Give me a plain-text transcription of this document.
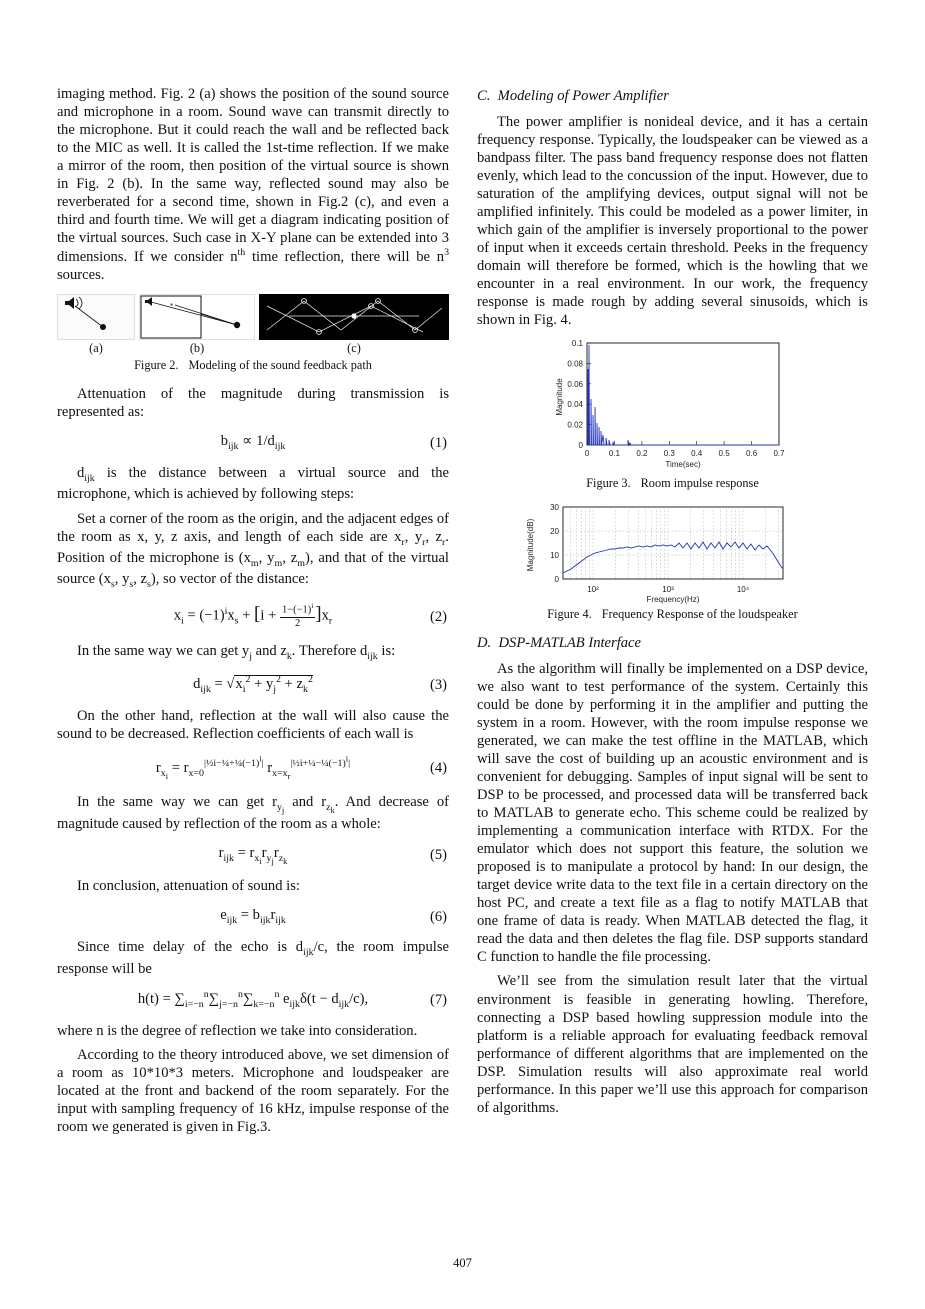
imaging method. Fig. 2 (a) shows the position of the sound source and microphone in a room. Sound wave can transmit directly to the microphone. But it could reach the wall and be reflected back to the MIC as well. It is called the 1st-time reflection. If we make a mirror of the room, then position of the virtual source is shown in Fig. 2 (b). In the same way, reflected sound may also be reverberated for a second time, shown in Fig.2 (c), and even a third and fourth time. We will get a diagram indicating position of the virtual sources. Such case in X-Y plane can be extended into 3 dimensions. If we consider $n^{th}$ time reflection, there will be $n^3$ sources.

*
(a)	(b)	(c)
Figure 2. Modeling of the sound feedback path

Attenuation of the magnitude during transmission is represented as:

$b_{ijk} \propto 1/d_{ijk}$	(1)

$d_{ijk}$ is the distance between a virtual source and the microphone, which is achieved by following steps:

Set a corner of the room as the origin, and the adjacent edges of the room as x, y, z axis, and length of each side are $x_r$, $y_r$, $z_r$. Position of the microphone is ($x_m$, $y_m$, $z_m$), and that of the virtual source ($x_s$, $y_s$, $z_s$), so vector of the distance:

$x_i = (-1)^ix_s + [i + \frac{1-(-1)^i}{2} ]x_r$	(2)

In the same way we can get $y_j$ and $z_k$. Therefore $d_{ijk}$ is:

$d_{ijk} = √x_i^2 + y_j^2 + z_k^2$	(3)

On the other hand, reflection at the wall will also cause the sound to be decreased. Reflection coefficients of each wall is

$r_{x_i} = r_{x=0}^{|\frac{1}{2}i-\frac{1}{4}+\frac{1}{4}(-1)^i|}$ $r_{x=x_r}^{|\frac{1}{2}i+\frac{1}{4}-\frac{1}{4}(-1)^i|}$	(4)

In the same way we can get $r_{y_j}$ and $r_{z_k}$. And decrease of magnitude caused by reflection of the room as a whole:

$r_{ijk} = r_{x_i}r_{y_j}r_{z_k}$	(5)

In conclusion, attenuation of sound is:

$e_{ijk} = b_{ijk}r_{ijk}$	(6)

Since time delay of the echo is $d_{ijk}/c$, the room impulse response will be

$h(t) = \sum_{i=-n}^n\sum_{j=-n}^n\sum_{k=-n}^n$ $e_{ijk}\delta(t - d_{ijk}/c)$,	(7)

where n is the degree of reflection we take into consideration.

According to the theory introduced above, we set dimension of a room as 10*10*3 meters. Microphone and loudspeaker are located at the front and backend of the room separately. For the input with sampling frequency of 16 kHz, impulse response of the room we generated is given in Fig.3.

C.  Modeling of Power Amplifier

The power amplifier is nonideal device, and it has a certain frequency response. Typically, the loudspeaker can be viewed as a bandpass filter. The pass band frequency response does not flatten evenly, which lead to the concussion of the input. However, due to saturation of the amplifying devices, output signal will not be amplified infinitely. This could be modeled as a power limiter, in which gain of the amplifier is inversely proportional to the power of input when it exceeds certain threshold. Peeks in the frequency domain will therefore be formed, which is the howling that we encounter in a real environment. In our work, the frequency response is made rough by adding several sinusoids, which is shown in Fig. 4.

0.1
0.08
0.06
0.04
0.02
0
0 0.1 0.2 0.3 0.4 0.5 0.6 0.7
Time(sec)
Magnitude
Figure 3. Room impulse response
30
20
10
0
10²	10³	10⁴
Frequency(Hz)
Magnitude(dB)
Figure 4. Frequency Response of the loudspeaker
D.  DSP-MATLAB Interface

As the algorithm will finally be implemented on a DSP device, we also want to test performance of the system. Certainly this could be done by performing it in the amplifier and putting the system in a room. However, with the room impulse response we generated, we can make the test offline in the MATLAB, which will save the cost of building up an acoustic environment and is convenient for debugging. Samples of input signal will be sent to DSP to be processed, and processed data will be transferred back to MATLAB to generate echo. This scheme could be realized by implementing a communication interface with RTDX. For the emulator which does not support this feature, the solution we proposed is to manipulate a protocol by hand: In our design, the target device write data to the text file in a certain directory on the host PC, and create a text file as a flag to notify MATLAB that one frame of data is ready. When MATLAB detected the flag, it read the data and then deletes the flag file. DSP supports standard C function to handle the file processing.

We’ll see from the simulation result later that the virtual environment is feasible in generating howling. Therefore, connecting a DSP based howling suppression module into the platform is a reliable approach for evaluating feedback removal performance of different algorithms that are implemented on the DSP. Simulation results will also approximate real world performance. In this paper we’ll use this approach for comparison of algorithms.

407
